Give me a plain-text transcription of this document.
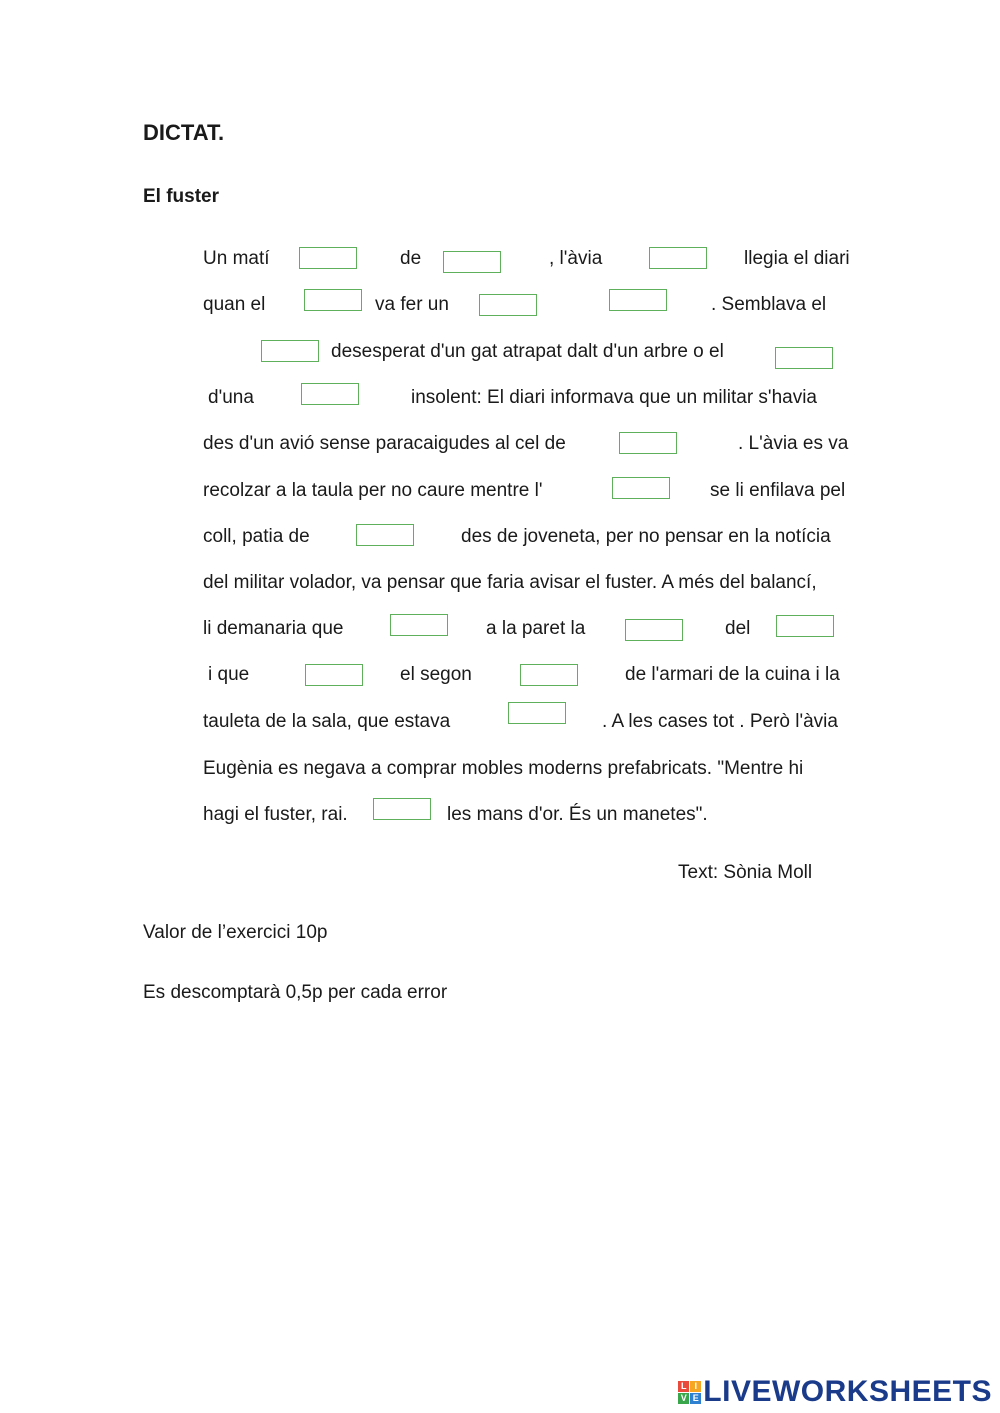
DICTAT.
El fuster
Un matí	de	, l'àvia	llegia el diari
quan el	va fer un	. Semblava el
desesperat d'un gat atrapat dalt d'un arbre o el
d'una	insolent: El diari informava que un militar s'havia
des d'un avió sense paracaigudes al cel de	. L'àvia es va
recolzar a la taula per no caure mentre l'	se li enfilava pel
coll, patia de	des de joveneta, per no pensar en la notícia
del militar volador, va pensar que faria avisar el fuster. A més del balancí,
li demanaria que	a la paret la	del
i que	el segon	de l'armari de la cuina i la
tauleta de la sala, que estava	. A les cases tot . Però l'àvia
Eugènia es negava a comprar mobles moderns prefabricats. "Mentre hi
hagi el fuster, rai.	les mans d'or. És un manetes".
Text: Sònia Moll
Valor de l’exercici 10p
Es descomptarà 0,5p per cada error
L I
V E LIVEWORKSHEETS
